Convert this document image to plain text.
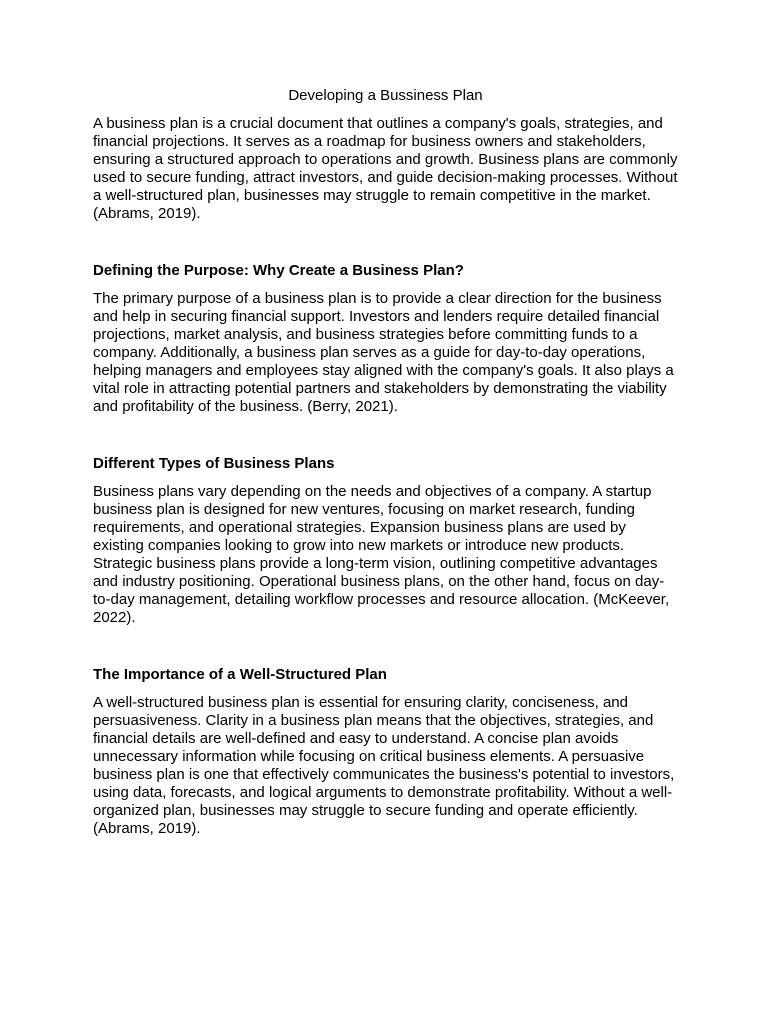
Developing a Bussiness Plan

A business plan is a crucial document that outlines a company's goals, strategies, and financial projections. It serves as a roadmap for business owners and stakeholders, ensuring a structured approach to operations and growth. Business plans are commonly used to secure funding, attract investors, and guide decision-making processes. Without a well-structured plan, businesses may struggle to remain competitive in the market. (Abrams, 2019).

Defining the Purpose: Why Create a Business Plan?

The primary purpose of a business plan is to provide a clear direction for the business and help in securing financial support. Investors and lenders require detailed financial projections, market analysis, and business strategies before committing funds to a company. Additionally, a business plan serves as a guide for day-to-day operations, helping managers and employees stay aligned with the company's goals. It also plays a vital role in attracting potential partners and stakeholders by demonstrating the viability and profitability of the business. (Berry, 2021).

Different Types of Business Plans

Business plans vary depending on the needs and objectives of a company. A startup business plan is designed for new ventures, focusing on market research, funding requirements, and operational strategies. Expansion business plans are used by existing companies looking to grow into new markets or introduce new products. Strategic business plans provide a long-term vision, outlining competitive advantages and industry positioning. Operational business plans, on the other hand, focus on day-to-day management, detailing workflow processes and resource allocation. (McKeever, 2022).

The Importance of a Well-Structured Plan

A well-structured business plan is essential for ensuring clarity, conciseness, and persuasiveness. Clarity in a business plan means that the objectives, strategies, and financial details are well-defined and easy to understand. A concise plan avoids unnecessary information while focusing on critical business elements. A persuasive business plan is one that effectively communicates the business's potential to investors, using data, forecasts, and logical arguments to demonstrate profitability. Without a well-organized plan, businesses may struggle to secure funding and operate efficiently. (Abrams, 2019).
